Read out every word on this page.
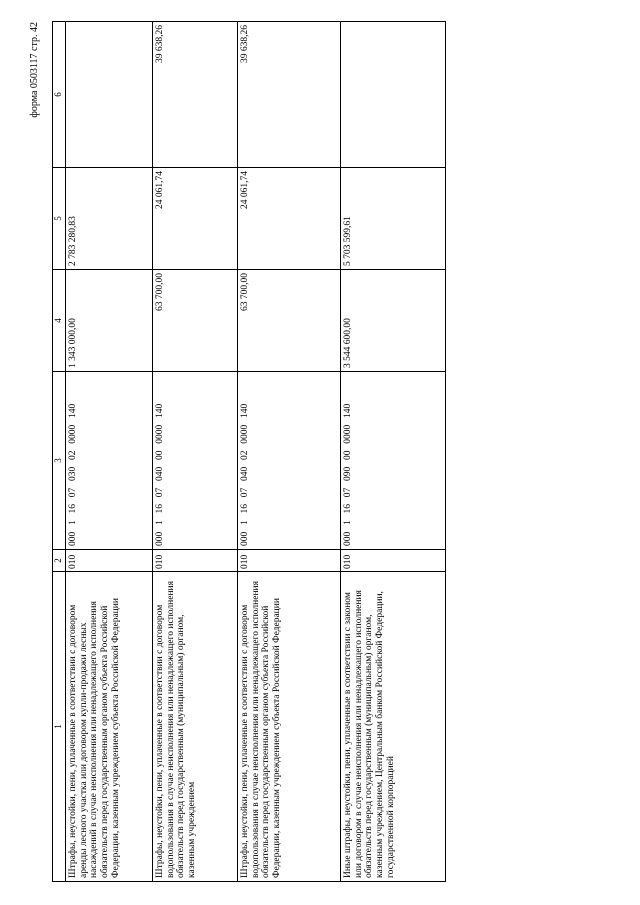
форма 0503117 стр. 42
1	2	3	4	5	6
Штрафы, неустойки, пени, уплаченные в соответствии с договором аренды лесного участка или договором купли-продажи лесных насаждений в случае неисполнения или ненадлежащего исполнения обязательств перед государственным органом субъекта Российской Федерации, казенным учреждением субъекта Российской Федерации	010	000  1  16  07  030  02  0000  140	1 343 000,00	2 783 280,83	
Штрафы, неустойки, пени, уплаченные в соответствии с договором водопользования в случае неисполнения или ненадлежащего исполнения обязательств перед государственным (муниципальным) органом, казенным учреждением	010	000  1  16  07  040  00  0000  140	63 700,00	24 061,74	39 638,26
Штрафы, неустойки, пени, уплаченные в соответствии с договором водопользования в случае неисполнения или ненадлежащего исполнения обязательств перед государственным органом субъекта Российской Федерации, казенным учреждением субъекта Российской Федерации	010	000  1  16  07  040  02  0000  140	63 700,00	24 061,74	39 638,26
Иные штрафы, неустойки, пени, уплаченные в соответствии с законом или договором в случае неисполнения или ненадлежащего исполнения обязательств перед государственным (муниципальным) органом, казенным учреждением, Центральным банком Российской Федерации, государственной корпорацией	010	000  1  16  07  090  00  0000  140	3 544 600,00	5 703 599,61	
